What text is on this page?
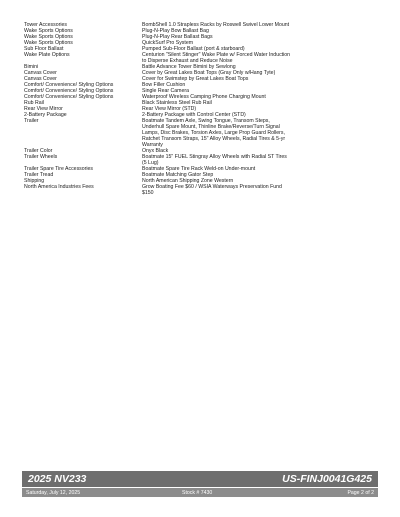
Tower Accessories	BombShell 1.0 Strapless Racks by Roswell Swivel Lower Mount
Wake Sports Options	Plug-N-Play Bow Ballast Bag
Wake Sports Options	Plug-N-Play Rear Ballast Bags
Wake Sports Options	QuickSurf Pro System
Sub Floor Ballast	Pumped Sub-Floor Ballast (port & starboard)
Wake Plate Options	Centurion "Silent Stinger" Wake Plate w/ Forced Water Induction to Disperse Exhaust and Reduce Noise
Bimini	Battle Advance Tower Bimini by Sewlong
Canvas Cover	Cover by Great Lakes Boat Tops (Gray Only w/Hang Tyte)
Canvas Cover	Cover for Swimstep by Great Lakes Boat Tops
Comfort/ Convenience/ Styling Options	Bow Filler Cushion
Comfort/ Convenience/ Styling Options	Single Rear Camera
Comfort/ Convenience/ Styling Options	Waterproof Wireless Camping Phone Charging Mount
Rub Rail	Black Stainless Steel Rub Rail
Rear View Mirror	Rear View Mirror (STD)
2-Battery Package	2-Battery Package with Control Center (STD)
Trailer	Boatmate Tandem Axle, Swing Tongue, Transom Steps, Underhull Spare Mount, Thinline Brake/Reverse/Turn Signal Lamps, Disc Brakes, Torsion Axles, Large Prop Guard Rollers, Ratchet Transom Straps, 15" Alloy Wheels, Radial Tires & 5-yr Warranty
Trailer Color	Onyx Black
Trailer Wheels	Boatmate 15" FUEL Stingray Alloy Wheels with Radial ST Tires (5 Lug)
Trailer Spare Tire Accessories	Boatmate Spare Tire Rack Weld-on Under-mount
Trailer Tread	Boatmate Matching Gator Step
Shipping	North American Shipping Zone Western
North America Industries Fees	Grow Boating Fee $60 / WSIA Waterways Preservation Fund $150
2025 NV233	US-FINJ0041G425
Saturday, July 12, 2025	Stock # 7430	Page 2 of 2
